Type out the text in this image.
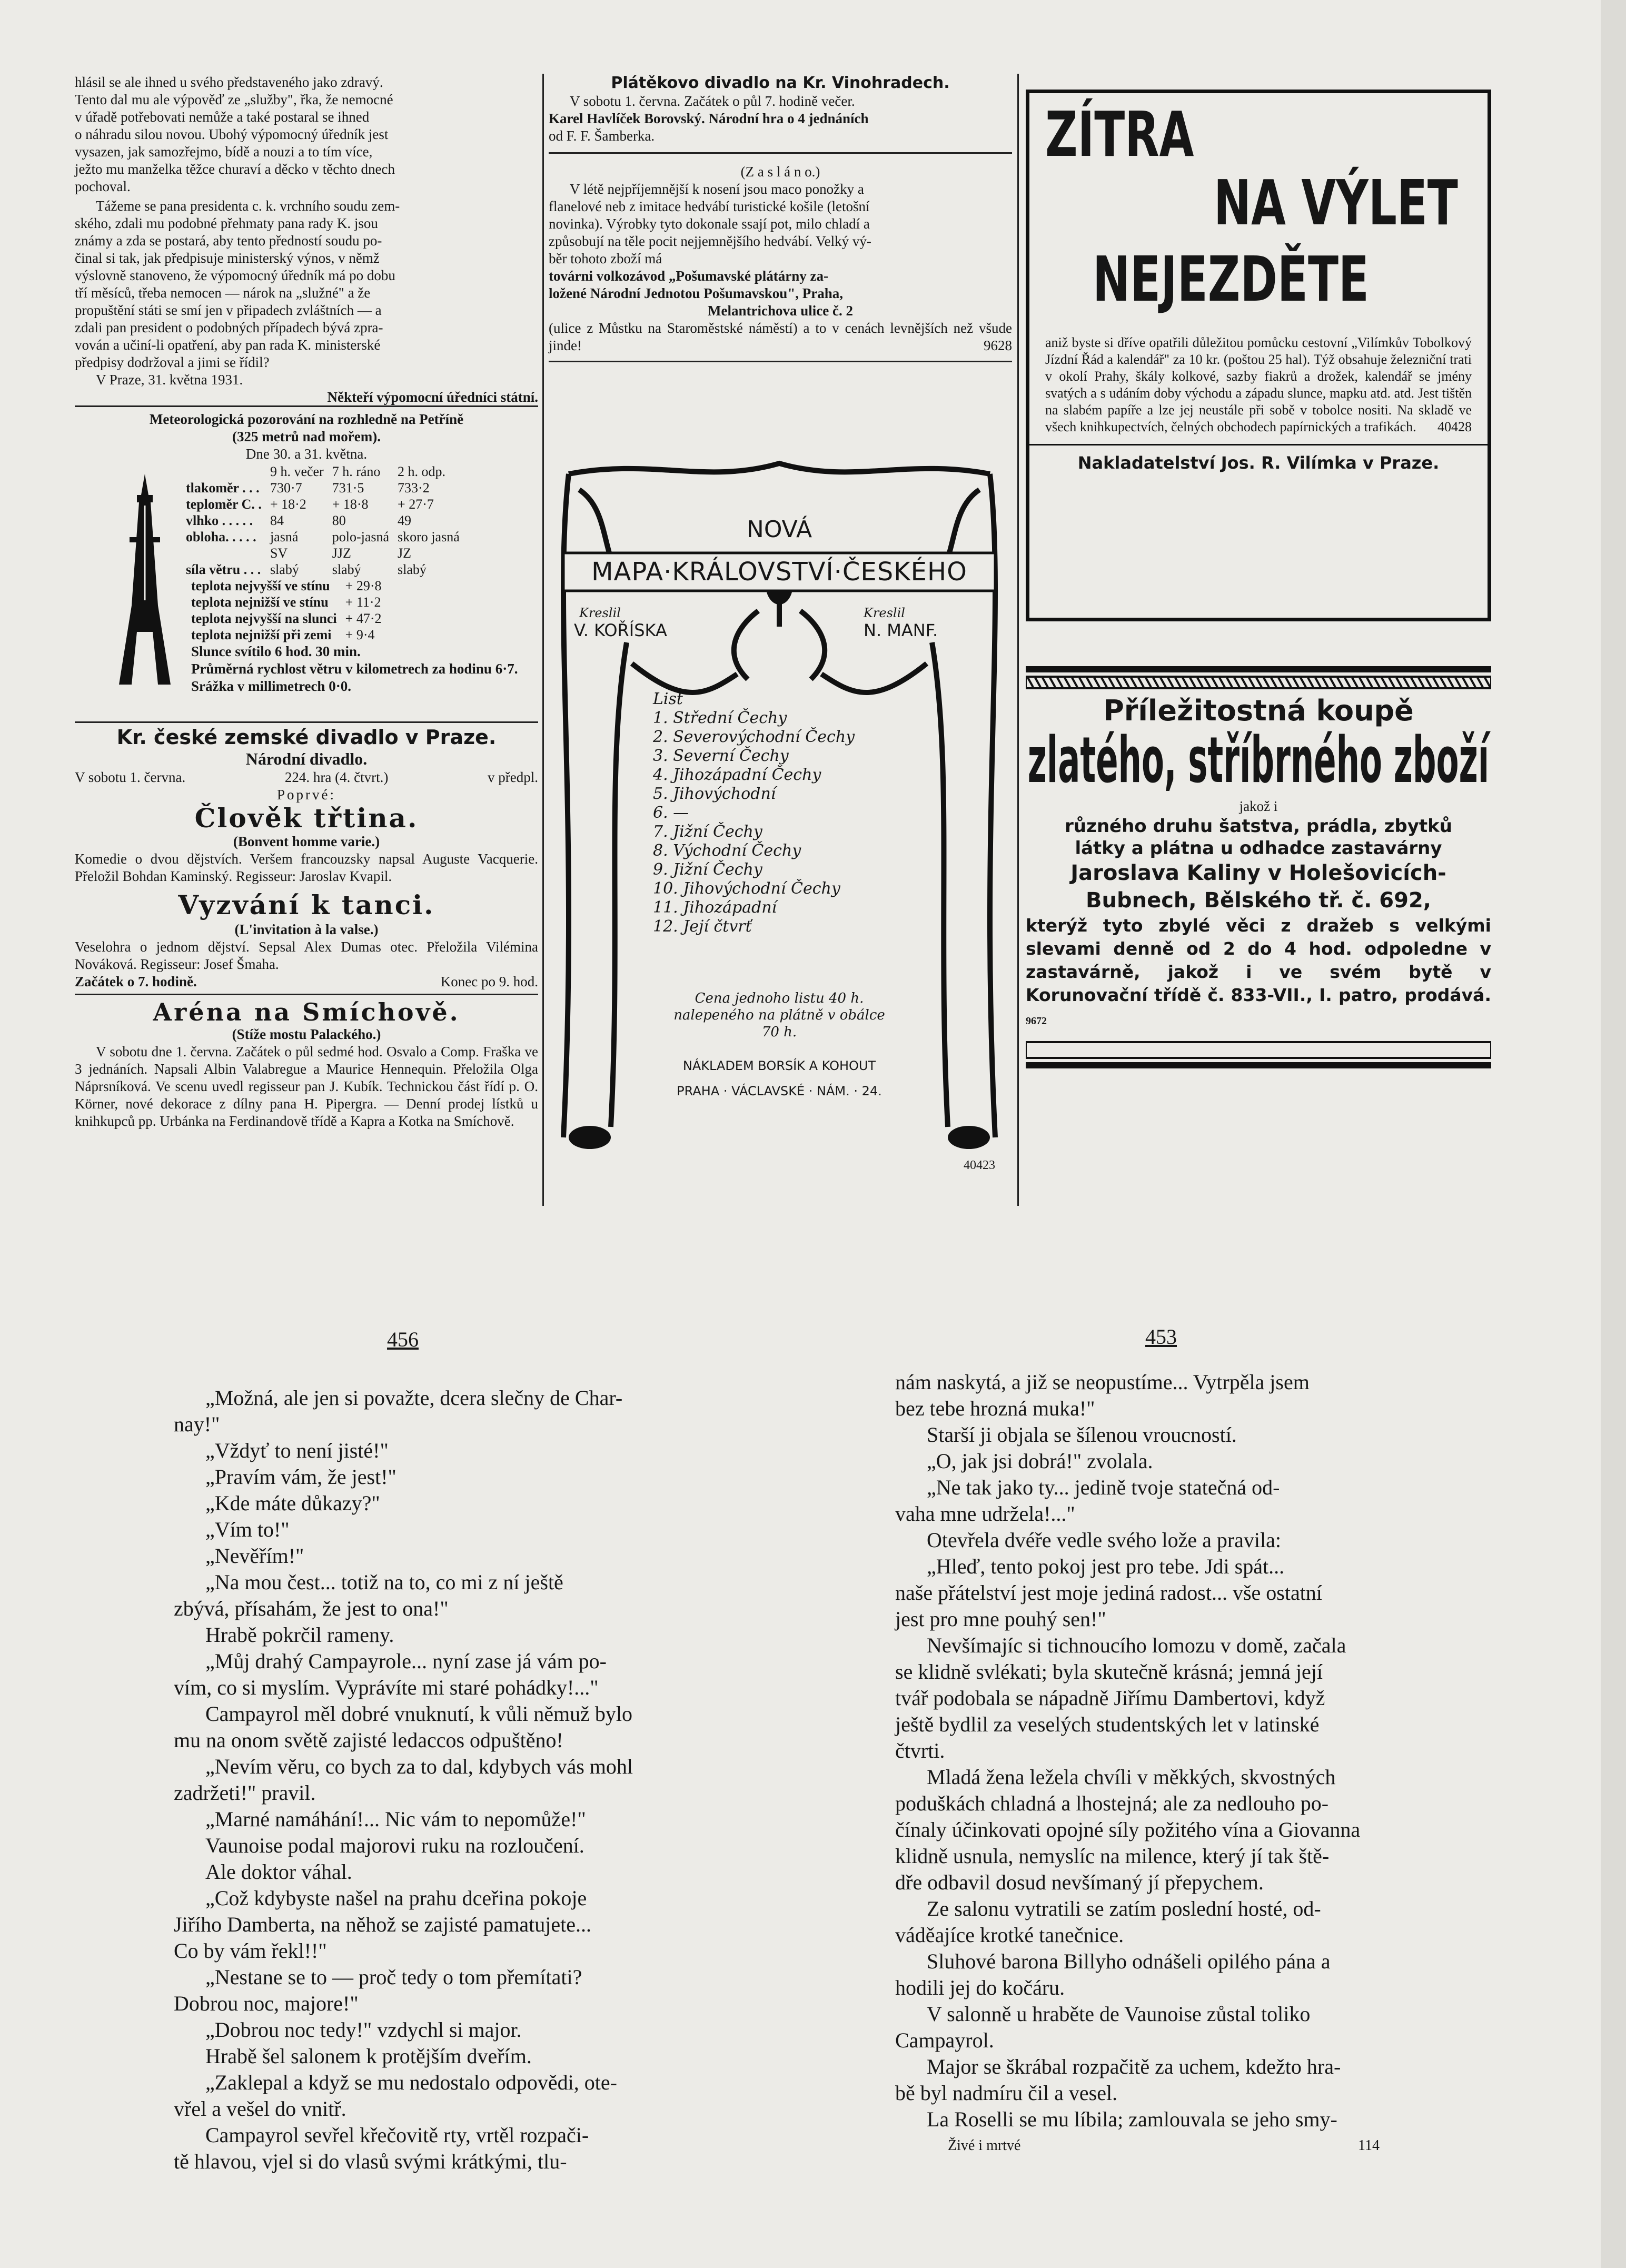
hlásil se ale ihned u svého představeného jako zdravý.
Tento dal mu ale výpověď ze „služby", řka, že nemocné
v úřadě potřebovati nemůže a také postaral se ihned
o náhradu silou novou. Ubohý výpomocný úředník jest
vysazen, jak samozřejmo, bídě a nouzi a to tím více,
ježto mu manželka těžce churaví a děcko v těchto dnech
pochoval.
Tážeme se pana presidenta c. k. vrchního soudu zem-
ského, zdali mu podobné přehmaty pana rady K. jsou
známy a zda se postará, aby tento předností soudu po-
činal si tak, jak předpisuje ministerský výnos, v němž
výslovně stanoveno, že výpomocný úředník má po dobu
tří měsíců, třeba nemocen — nárok na „služné" a že
propuštění státi se smí jen v připadech zvláštních — a
zdali pan president o podobných případech bývá zpra-
vován a učiní-li opatření, aby pan rada K. ministerské
předpisy dodržoval a jimi se řídil?
V Praze, 31. května 1931.
Někteří výpomocní úředníci státní.
Meteorologická pozorování na rozhledně na Petříně
(325 metrů nad mořem).
Dne 30. a 31. května.
	9 h. večer	7 h. ráno	2 h. odp.
tlakoměr . . .	730·7	731·5	733·2
teploměr C. .	+ 18·2	+ 18·8	+ 27·7
vlhko . . . . .	84	80	49
obloha. . . . .	jasná	polo-jasná	skoro jasná
	SV	JJZ	JZ
síla větru . . .	slabý	slabý	slabý
teplota nejvyšší ve stínu	+ 29·8
teplota nejnižší ve stínu	+ 11·2
teplota nejvyšší na slunci	+ 47·2
teplota nejnižší při zemi	+ 9·4
Slunce svítilo 6 hod. 30 min.
Průměrná rychlost větru v kilometrech za hodinu 6·7.
Srážka v millimetrech 0·0.
Kr. české zemské divadlo v Praze.
Národní divadlo.
V sobotu 1. června.	224. hra (4. čtvrt.)	v předpl.
Poprvé:
Člověk třtina.
(Bonvent homme varie.)

Komedie o dvou dějstvích. Veršem francouzsky napsal Auguste Vacquerie. Přeložil Bohdan Kaminský. Regisseur: Jaroslav Kvapil.

Vyzvání k tanci.
(L'invitation à la valse.)

Veselohra o jednom dějství. Sepsal Alex Dumas otec. Přeložila Vilémina Nováková. Regisseur: Josef Šmaha.

Začátek o 7. hodině.	Konec po 9. hod.
Aréna na Smíchově.
(Stíže mostu Palackého.)

V sobotu dne 1. června. Začátek o půl sedmé hod. Osvalo a Comp. Fraška ve 3 jednáních. Napsali Albin Valabregue a Maurice Hennequin. Přeložila Olga Náprsníková. Ve scenu uvedl regisseur pan J. Kubík. Technickou část řídí p. O. Körner, nové dekorace z dílny pana H. Pipergra. — Denní prodej lístků u knihkupců pp. Urbánka na Ferdinandově třídě a Kapra a Kotka na Smíchově.

Plátěkovo divadlo na Kr. Vinohradech.
V sobotu 1. června. Začátek o půl 7. hodině večer.
Karel Havlíček Borovský. Národní hra o 4 jednáních
od F. F. Šamberka.
(Z a s l á n o.)
V létě nejpříjemnější k nosení jsou maco ponožky a
flanelové neb z imitace hedvábí turistické košile (letošní
novinka). Výrobky tyto dokonale ssají pot, milo chladí a
způsobují na těle pocit nejjemnějšího hedvábí. Velký vý-
běr tohoto zboží má
továrni volkozávod „Pošumavské plátárny za-
ložené Národní Jednotou Pošumavskou", Praha,
Melantrichova ulice č. 2

(ulice z Můstku na Staroměstské náměstí) a to v cenách levnějších než všude jinde!	9628

NOVÁ
MAPA·KRÁLOVSTVÍ·ČESKÉHO
Kreslil
V. KOŘÍSKA
Kreslil
N. MANF.
List
1. Střední Čechy
2. Severovýchodní Čechy
3. Severní Čechy
4. Jihozápadní Čechy
5. Jihovýchodní
6. —
7. Jižní Čechy
8. Východní Čechy
9. Jižní Čechy
10. Jihovýchodní Čechy
11. Jihozápadní
12. Její čtvrť
Cena jednoho listu 40 h.
nalepeného na plátně v obálce
70 h.
NÁKLADEM BORSÍK A KOHOUT
PRAHA · VÁCLAVSKÉ · NÁM. · 24.
40423
ZÍTRA
NA VÝLET
NEJEZDĚTE

aniž byste si dříve opatřili důležitou pomůcku cestovní „Vilímkův Tobolkový Jízdní Řád a kalendář" za 10 kr. (poštou 25 hal). Týž obsahuje železniční trati v okolí Prahy, škály kolkové, sazby fiakrů a drožek, kalendář se jmény svatých a s udáním doby východu a západu slunce, mapku atd. atd. Jest tištěn na slabém papíře a lze jej neustále při sobě v tobolce nositi. Na skladě ve všech knihkupectvích, čelných obchodech papírnických a trafikách. 40428

Nakladatelství Jos. R. Vilímka v Praze.
Příležitostná koupě
zlatého, stříbrného zboží
jakož i
různého druhu šatstva, prádla, zbytků
látky a plátna u odhadce zastavárny
Jaroslava Kaliny v Holešovicích-
Bubnech, Bělského tř. č. 692,

kterýž tyto zbylé věci z dražeb s velkými slevami denně od 2 do 4 hod. odpoledne v zastavárně, jakož i ve svém bytě v Korunovační třídě č. 833-VII., I. patro, prodává. 9672

456	453
„Možná, ale jen si považte, dcera slečny de Char-
nay!"
„Vždyť to není jisté!"
„Pravím vám, že jest!"
„Kde máte důkazy?"
„Vím to!"
„Nevěřím!"
„Na mou čest... totiž na to, co mi z ní ještě
zbývá, přísahám, že jest to ona!"
Hrabě pokrčil rameny.
„Můj drahý Campayrole... nyní zase já vám po-
vím, co si myslím. Vyprávíte mi staré pohádky!..."
Campayrol měl dobré vnuknutí, k vůli němuž bylo
mu na onom světě zajisté ledaccos odpuštěno!
„Nevím věru, co bych za to dal, kdybych vás mohl
zadržeti!" pravil.
„Marné namáhání!... Nic vám to nepomůže!"
Vaunoise podal majorovi ruku na rozloučení.
Ale doktor váhal.
„Což kdybyste našel na prahu dceřina pokoje
Jiřího Damberta, na něhož se zajisté pamatujete...
Co by vám řekl!!"
„Nestane se to — proč tedy o tom přemítati?
Dobrou noc, majore!"
„Dobrou noc tedy!" vzdychl si major.
Hrabě šel salonem k protějším dveřím.
„Zaklepal a když se mu nedostalo odpovědi, ote-
vřel a vešel do vnitř.
Campayrol sevřel křečovitě rty, vrtěl rozpači-
tě hlavou, vjel si do vlasů svými krátkými, tlu-
nám naskytá, a již se neopustíme... Vytrpěla jsem
bez tebe hrozná muka!"
Starší ji objala se šílenou vroucností.
„O, jak jsi dobrá!" zvolala.
„Ne tak jako ty... jedině tvoje statečná od-
vaha mne udržela!..."
Otevřela dvéře vedle svého lože a pravila:
„Hleď, tento pokoj jest pro tebe. Jdi spát...
naše přátelství jest moje jediná radost... vše ostatní
jest pro mne pouhý sen!"
Nevšímajíc si tichnoucího lomozu v domě, začala
se klidně svlékati; byla skutečně krásná; jemná její
tvář podobala se nápadně Jiřímu Dambertovi, když
ještě bydlil za veselých studentských let v latinské
čtvrti.
Mladá žena ležela chvíli v měkkých, skvostných
poduškách chladná a lhostejná; ale za nedlouho po-
čínaly účinkovati opojné síly požitého vína a Giovanna
klidně usnula, nemyslíc na milence, který jí tak ště-
dře odbavil dosud nevšímaný jí přepychem.
Ze salonu vytratili se zatím poslední hosté, od-
váděajíce krotké tanečnice.
Sluhové barona Billyho odnášeli opilého pána a
hodili jej do kočáru.
V salonně u hraběte de Vaunoise zůstal toliko
Campayrol.
Major se škrábal rozpačitě za uchem, kdežto hra-
bě byl nadmíru čil a vesel.
La Roselli se mu líbila; zamlouvala se jeho smy-
Živé i mrtvé	114
